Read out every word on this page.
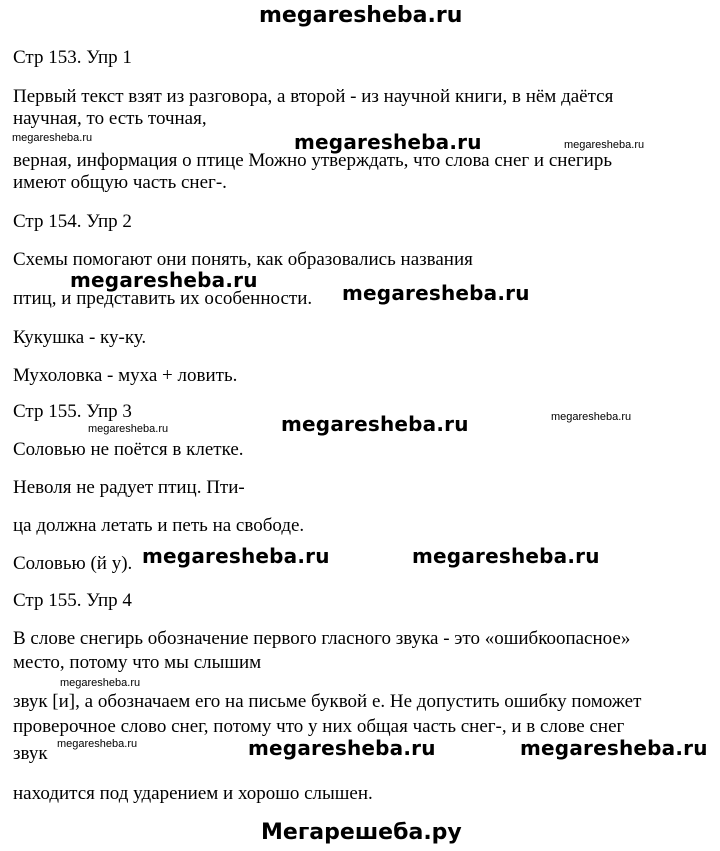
megaresheba.ru
Стр 153. Упр 1
Первый текст взят из разговора, а второй - из научной книги, в нём даётся
научная, то есть точная,
megaresheba.ru	megaresheba.ru	megaresheba.ru
верная, информация о птице Можно утверждать, что слова снег и снегирь
имеют общую часть снег-.
Стр 154. Упр 2
Схемы помогают они понять, как образовались названия
megaresheba.ru
птиц, и представить их особенности. megaresheba.ru
Кукушка - ку-ку.
Мухоловка - муха + ловить.
Стр 155. Упр 3
megaresheba.ru	megaresheba.ru
megaresheba.ru
Соловью не поётся в клетке.
Неволя не радует птиц. Пти-
ца должна летать и петь на свободе.
Соловью (й у). megaresheba.ru	megaresheba.ru
Стр 155. Упр 4
В слове снегирь обозначение первого гласного звука - это «ошибкоопасное»
место, потому что мы слышим
megaresheba.ru
звук [и], а обозначаем его на письме буквой е. Не допустить ошибку поможет
проверочное слово снег, потому что у них общая часть снег-, и в слове снег
звук megaresheba.ru	megaresheba.ru	megaresheba.ru
находится под ударением и хорошо слышен.
Мегарешеба.ру
